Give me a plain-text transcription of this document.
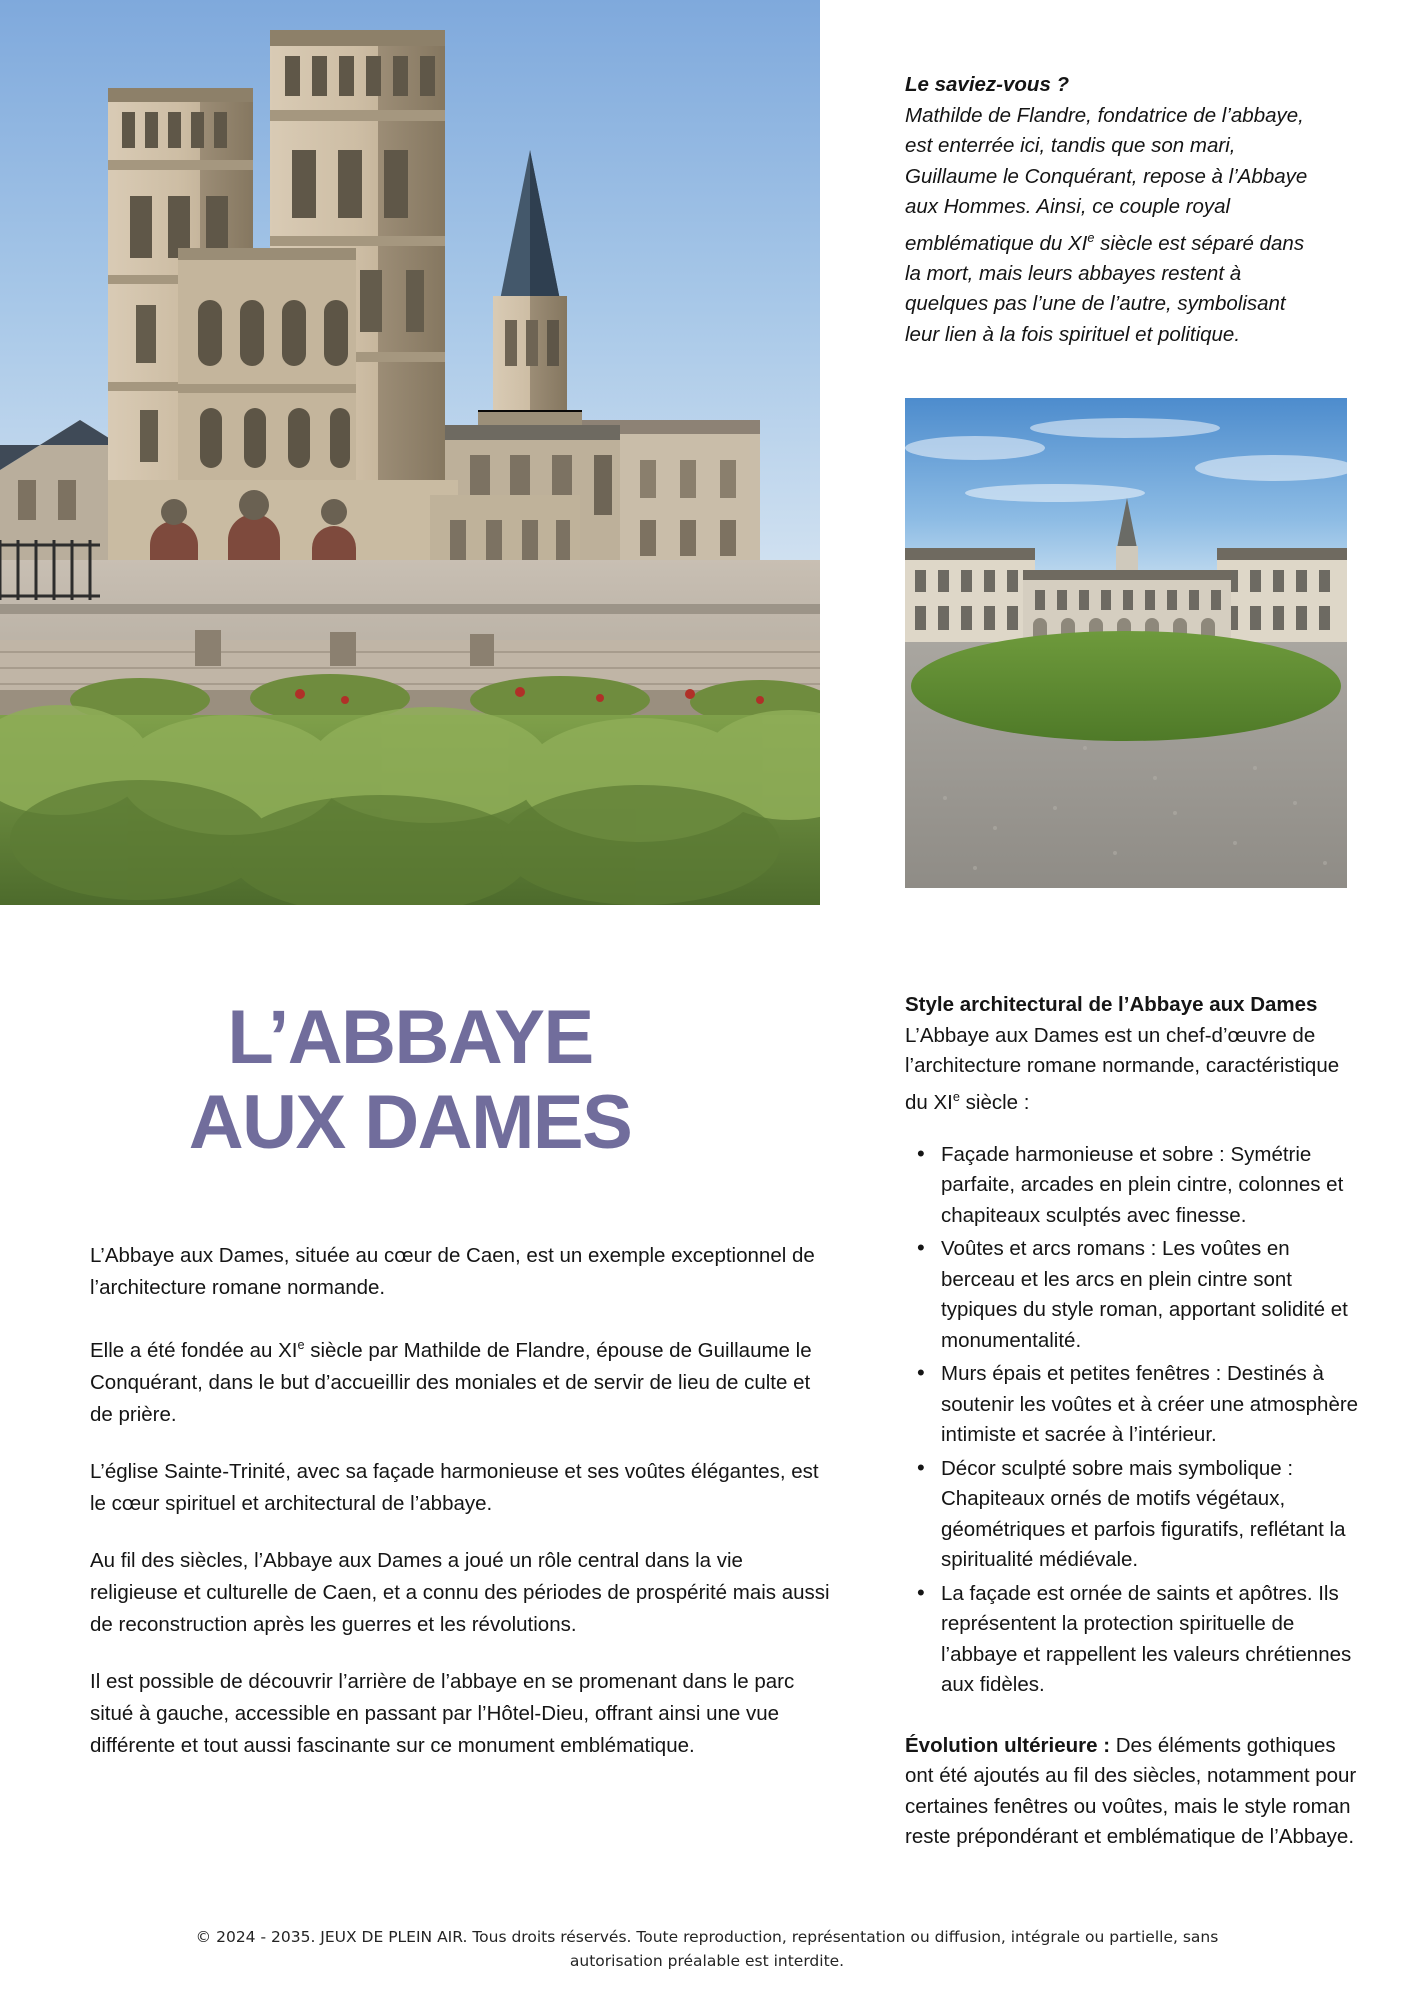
Le saviez-vous ?
Mathilde de Flandre, fondatrice de l’abbaye,
est enterrée ici, tandis que son mari,
Guillaume le Conquérant, repose à l’Abbaye
aux Hommes. Ainsi, ce couple royal
emblématique du XIe siècle est séparé dans
la mort, mais leurs abbayes restent à
quelques pas l’une de l’autre, symbolisant
leur lien à la fois spirituel et politique.
L’ABBAYE
AUX DAMES

L’Abbaye aux Dames, située au cœur de Caen, est un exemple exceptionnel de l’architecture romane normande.

Elle a été fondée au XIe siècle par Mathilde de Flandre, épouse de Guillaume le Conquérant, dans le but d’accueillir des moniales et de servir de lieu de culte et de prière.

L’église Sainte-Trinité, avec sa façade harmonieuse et ses voûtes élégantes, est le cœur spirituel et architectural de l’abbaye.

Au fil des siècles, l’Abbaye aux Dames a joué un rôle central dans la vie religieuse et culturelle de Caen, et a connu des périodes de prospérité mais aussi de reconstruction après les guerres et les révolutions.

Il est possible de découvrir l’arrière de l’abbaye en se promenant dans le parc situé à gauche, accessible en passant par l’Hôtel-Dieu, offrant ainsi une vue différente et tout aussi fascinante sur ce monument emblématique.

Style architectural de l’Abbaye aux Dames
L’Abbaye aux Dames est un chef-d’œuvre de l’architecture romane normande, caractéristique du XIe siècle :
• Façade harmonieuse et sobre : Symétrie parfaite, arcades en plein cintre, colonnes et chapiteaux sculptés avec finesse.
• Voûtes et arcs romans : Les voûtes en berceau et les arcs en plein cintre sont typiques du style roman, apportant solidité et monumentalité.
• Murs épais et petites fenêtres : Destinés à soutenir les voûtes et à créer une atmosphère intimiste et sacrée à l’intérieur.
• Décor sculpté sobre mais symbolique : Chapiteaux ornés de motifs végétaux, géométriques et parfois figuratifs, reflétant la spiritualité médiévale.
• La façade est ornée de saints et apôtres. Ils représentent la protection spirituelle de l’abbaye et rappellent les valeurs chrétiennes aux fidèles.

Évolution ultérieure : Des éléments gothiques ont été ajoutés au fil des siècles, notamment pour certaines fenêtres ou voûtes, mais le style roman reste prépondérant et emblématique de l’Abbaye.

© 2024 - 2035. JEUX DE PLEIN AIR. Tous droits réservés. Toute reproduction, représentation ou diffusion, intégrale ou partielle, sans
autorisation préalable est interdite.
